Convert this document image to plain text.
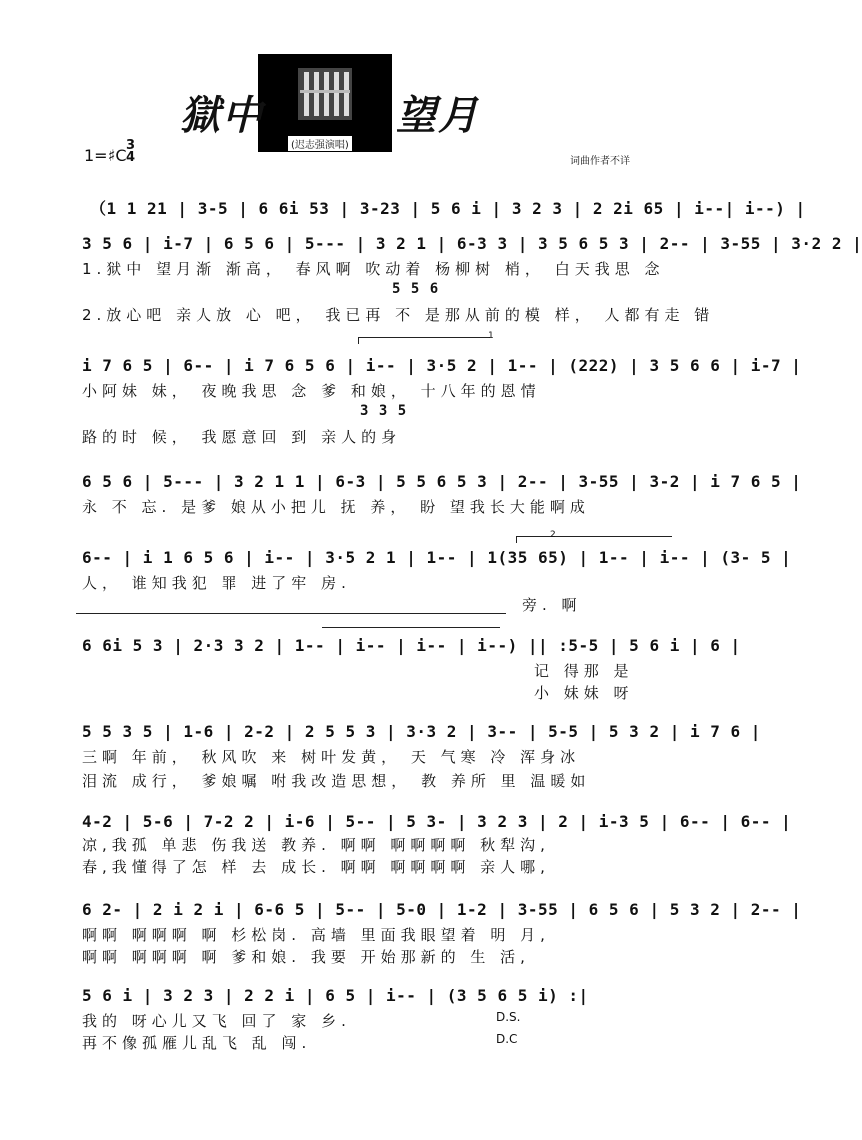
獄中	望月
(迟志强演唱)
1=♯C
3
4	词曲作者不详
（1 1 21 | 3-5 | 6 6i 53 | 3-23 | 5 6 i | 3 2 3 | 2 2i 65 | i--| i--) |
3 5 6 | i-7 | 6 5 6 | 5--- | 3 2 1 | 6-3 3 | 3 5 6 5 3 | 2-- | 3-55 | 3·2 2 |
1.狱中 望月渐 渐高， 春风啊 吹动着 杨柳树 梢， 白天我思 念
5 5 6
2.放心吧 亲人放 心 吧， 我已再 不 是那从前的模 样， 人都有走 错
1
i 7 6 5 | 6-- | i 7 6 5 6 | i-- | 3·5 2 | 1-- | (222) | 3 5 6 6 | i-7 |
小阿妹 妹， 夜晚我思 念 爹 和娘， 十八年的恩情
3 3 5
路的时 候， 我愿意回 到 亲人的身
6 5 6 | 5--- | 3 2 1 1 | 6-3 | 5 5 6 5 3 | 2-- | 3-55 | 3-2 | i 7 6 5 |
永 不 忘. 是爹 娘从小把儿 抚 养， 盼 望我长大能啊成
2
6-- | i 1 6 5 6 | i-- | 3·5 2 1 | 1-- | 1(35 65) | 1-- | i-- | (3- 5 |
人， 谁知我犯 罪 进了牢 房.
旁. 啊
6 6i 5 3 | 2·3 3 2 | 1-- | i-- | i-- | i--) || :5-5 | 5 6 i | 6 |
记 得那 是
小 妹妹 呀
5 5 3 5 | 1-6 | 2-2 | 2 5 5 3 | 3·3 2 | 3-- | 5-5 | 5 3 2 | i 7 6 |
三啊 年前， 秋风吹 来 树叶发黄， 天 气寒 冷 浑身冰
泪流 成行， 爹娘嘱 咐我改造思想， 教 养所 里 温暖如
4-2 | 5-6 | 7-2 2 | i-6 | 5-- | 5 3- | 3 2 3 | 2 | i-3 5 | 6-- | 6-- |
凉,我孤 单悲 伤我送 教养. 啊啊 啊啊啊啊 秋犁沟,
春,我懂得了怎 样 去 成长. 啊啊 啊啊啊啊 亲人哪,
6 2- | 2 i 2 i | 6-6 5 | 5-- | 5-0 | 1-2 | 3-55 | 6 5 6 | 5 3 2 | 2-- |
啊啊 啊啊啊 啊 杉松岗. 高墙 里面我眼望着 明 月,
啊啊 啊啊啊 啊 爹和娘. 我要 开始那新的 生 活,
5 6 i | 3 2 3 | 2 2 i | 6 5 | i-- | (3 5 6 5 i) :|
我的 呀心儿又飞 回了 家 乡.
再不像孤雁儿乱飞 乱 闯.
D.S.
D.C
